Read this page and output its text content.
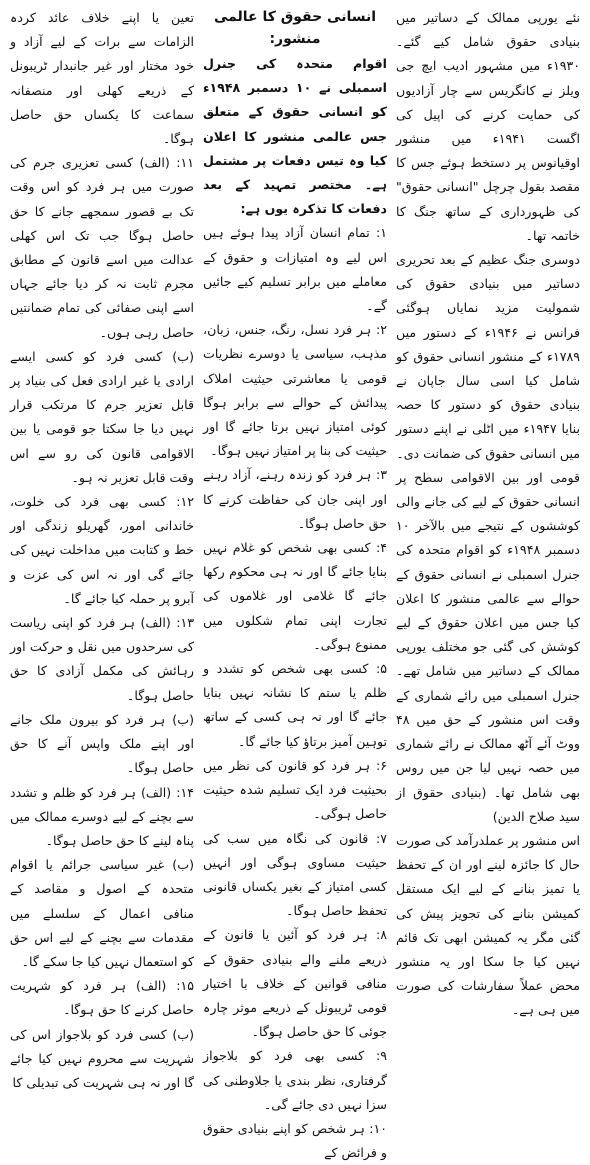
نئے یورپی ممالک کے دساتیر میں بنیادی حقوق شامل کیے گئے۔ ۱۹۳۰ء میں مشہور ادیب ایچ جی ویلز نے کانگریس سے چار آزادیوں کی حمایت کرنے کی اپیل کی اگست ۱۹۴۱ء میں منشور اوقیانوس پر دستخط ہوئے جس کا مقصد بقول چرچل "انسانی حقوق" کی ظہورداری کے ساتھ جنگ کا خاتمہ تھا۔

دوسری جنگ عظیم کے بعد تحریری دساتیر میں بنیادی حقوق کی شمولیت مزید نمایاں ہوگئی فرانس نے ۱۹۴۶ء کے دستور میں ۱۷۸۹ء کے منشور انسانی حقوق کو شامل کیا اسی سال جاپان نے بنیادی حقوق کو دستور کا حصہ بنایا ۱۹۴۷ء میں اٹلی نے اپنے دستور میں انسانی حقوق کی ضمانت دی۔

قومی اور بین الاقوامی سطح پر انسانی حقوق کے لیے کی جانے والی کوششوں کے نتیجے میں بالآخر ۱۰ دسمبر ۱۹۴۸ء کو اقوام متحدہ کی جنرل اسمبلی نے انسانی حقوق کے حوالے سے عالمی منشور کا اعلان کیا جس میں اعلان حقوق کے لیے کوشش کی گئی جو مختلف یورپی ممالک کے دساتیر میں شامل تھے۔ جنرل اسمبلی میں رائے شماری کے وقت اس منشور کے حق میں ۴۸ ووٹ آئے آٹھ ممالک نے رائے شماری میں حصہ نہیں لیا جن میں روس بھی شامل تھا۔ (بنیادی حقوق از سید صلاح الدین)

اس منشور پر عملدرآمد کی صورت حال کا جائزہ لینے اور ان کے تحفظ یا تمیز بنانے کے لیے ایک مستقل کمیشن بنانے کی تجویز پیش کی گئی مگر یہ کمیشن ابھی تک قائم نہیں کیا جا سکا اور یہ منشور محض عملاً سفارشات کی صورت میں ہی ہے۔

انسانی حقوق کا عالمی منشور:

اقوام متحدہ کی جنرل اسمبلی نے ۱۰ دسمبر ۱۹۴۸ء کو انسانی حقوق کے متعلق جس عالمی منشور کا اعلان کیا وہ تیس دفعات پر مشتمل ہے۔ مختصر تمہید کے بعد دفعات کا تذکرہ یوں ہے:

۱: تمام انسان آزاد پیدا ہوئے ہیں اس لیے وہ امتیازات و حقوق کے معاملے میں برابر تسلیم کیے جائیں گے۔

۲: ہر فرد نسل، رنگ، جنس، زبان، مذہب، سیاسی یا دوسرے نظریات قومی یا معاشرتی حیثیت املاک پیدائش کے حوالے سے برابر ہوگا کوئی امتیاز نہیں برتا جائے گا اور حیثیت کی بنا پر امتیاز نہیں ہوگا۔

۳: ہر فرد کو زندہ رہنے، آزاد رہنے اور اپنی جان کی حفاظت کرنے کا حق حاصل ہوگا۔

۴: کسی بھی شخص کو غلام نہیں بنایا جائے گا اور نہ ہی محکوم رکھا جائے گا غلامی اور غلاموں کی تجارت اپنی تمام شکلوں میں ممنوع ہوگی۔

۵: کسی بھی شخص کو تشدد و ظلم یا ستم کا نشانہ نہیں بنایا جائے گا اور نہ ہی کسی کے ساتھ توہین آمیز برتاؤ کیا جائے گا۔

۶: ہر فرد کو قانون کی نظر میں بحیثیت فرد ایک تسلیم شدہ حیثیت حاصل ہوگی۔

۷: قانون کی نگاہ میں سب کی حیثیت مساوی ہوگی اور انہیں کسی امتیاز کے بغیر یکساں قانونی تحفظ حاصل ہوگا۔

۸: ہر فرد کو آئین یا قانون کے ذریعے ملنے والے بنیادی حقوق کے منافی قوانین کے خلاف با اختیار قومی ٹریبونل کے ذریعے موثر چارہ جوئی کا حق حاصل ہوگا۔

۹: کسی بھی فرد کو بلاجواز گرفتاری، نظر بندی یا جلاوطنی کی سزا نہیں دی جائے گی۔

۱۰: ہر شخص کو اپنے بنیادی حقوق و فرائض کے

تعین یا اپنے خلاف عائد کردہ الزامات سے برات کے لیے آزاد و خود مختار اور غیر جانبدار ٹریبونل کے ذریعے کھلی اور منصفانہ سماعت کا یکساں حق حاصل ہوگا۔

۱۱: (الف) کسی تعزیری جرم کی صورت میں ہر فرد کو اس وقت تک بے قصور سمجھے جانے کا حق حاصل ہوگا جب تک اس کھلی عدالت میں اسے قانون کے مطابق مجرم ثابت نہ کر دیا جائے جہاں اسے اپنی صفائی کی تمام ضمانتیں حاصل رہی ہوں۔

(ب) کسی فرد کو کسی ایسے ارادی یا غیر ارادی فعل کی بنیاد پر قابل تعزیر جرم کا مرتکب قرار نہیں دیا جا سکتا جو قومی یا بین الاقوامی قانون کی رو سے اس وقت قابل تعزیر نہ ہو۔

۱۲: کسی بھی فرد کی خلوت، خاندانی امور، گھریلو زندگی اور خط و کتابت میں مداخلت نہیں کی جائے گی اور نہ اس کی عزت و آبرو پر حملہ کیا جائے گا۔

۱۳: (الف) ہر فرد کو اپنی ریاست کی سرحدوں میں نقل و حرکت اور رہائش کی مکمل آزادی کا حق حاصل ہوگا۔

(ب) ہر فرد کو بیرون ملک جانے اور اپنے ملک واپس آنے کا حق حاصل ہوگا۔

۱۴: (الف) ہر فرد کو ظلم و تشدد سے بچنے کے لیے دوسرے ممالک میں پناہ لینے کا حق حاصل ہوگا۔

(ب) غیر سیاسی جرائم یا اقوام متحدہ کے اصول و مقاصد کے منافی اعمال کے سلسلے میں مقدمات سے بچنے کے لیے اس حق کو استعمال نہیں کیا جا سکے گا۔

۱۵: (الف) ہر فرد کو شہریت حاصل کرنے کا حق ہوگا۔

(ب) کسی فرد کو بلاجواز اس کی شہریت سے محروم نہیں کیا جائے گا اور نہ ہی شہریت کی تبدیلی کا
